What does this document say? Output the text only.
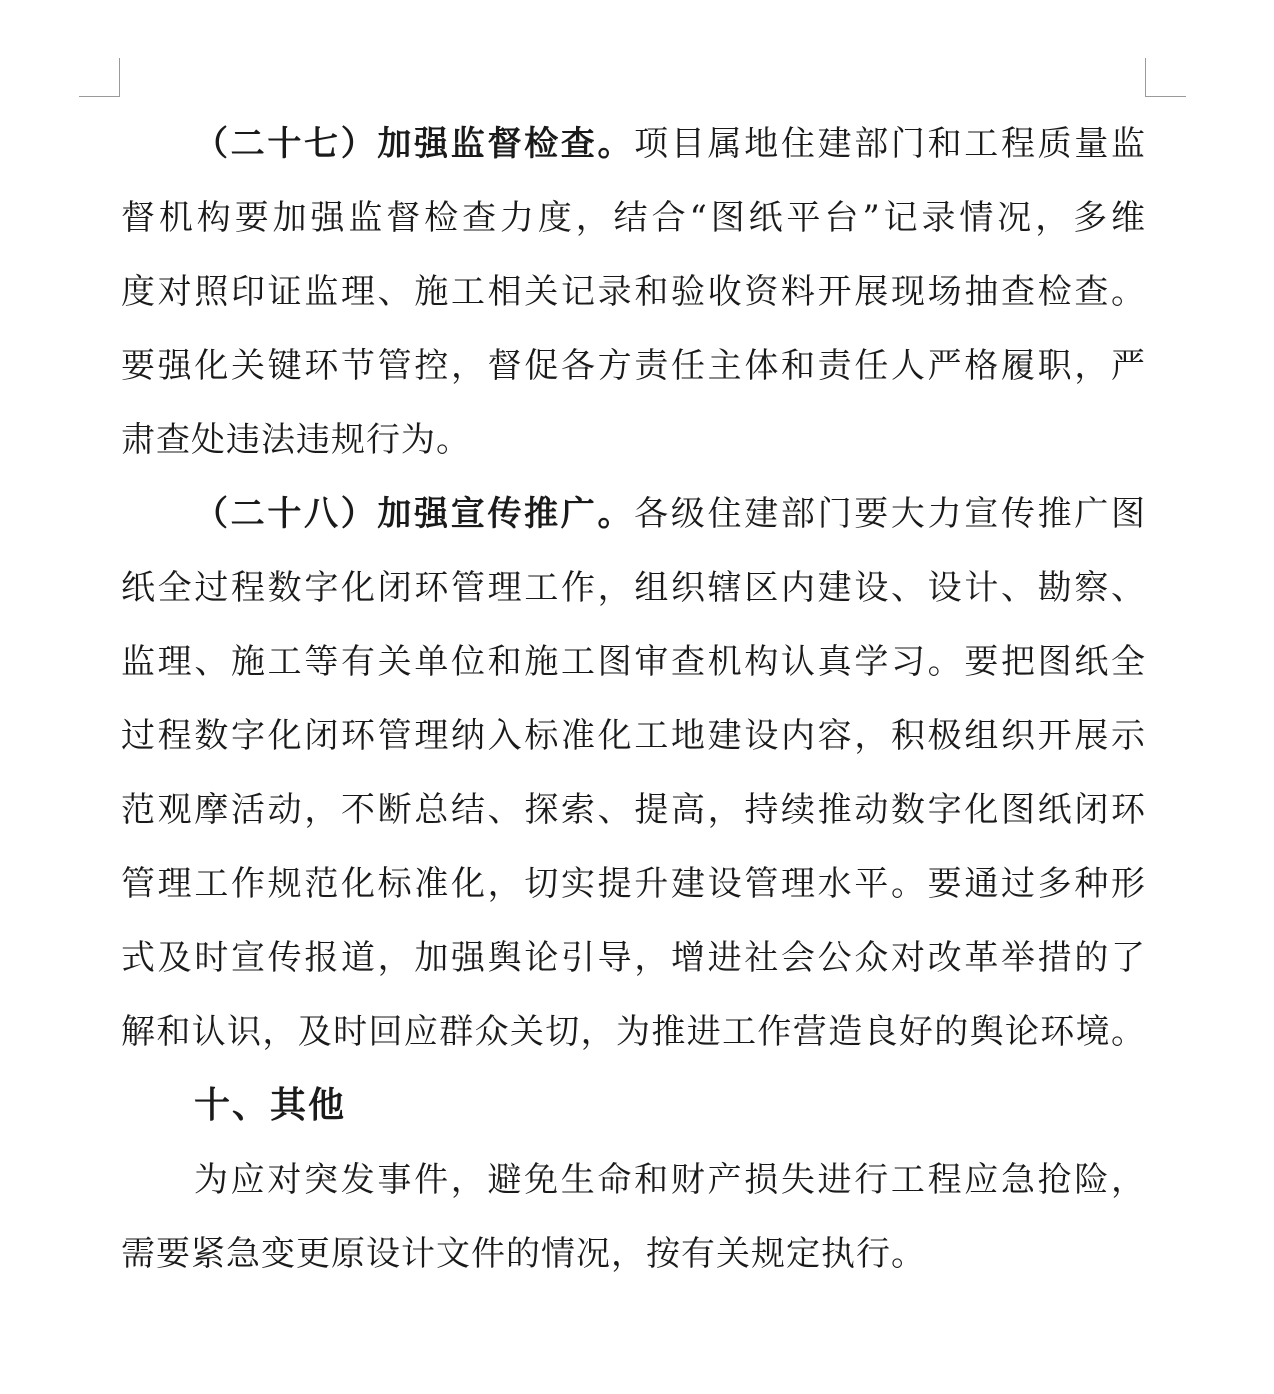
（二十七）加强监督检查。项目属地住建部门和工程质量监
督机构要加强监督检查力度，结合“图纸平台”记录情况，多维
度对照印证监理、施工相关记录和验收资料开展现场抽查检查。
要强化关键环节管控，督促各方责任主体和责任人严格履职，严
肃查处违法违规行为。
（二十八）加强宣传推广。各级住建部门要大力宣传推广图
纸全过程数字化闭环管理工作，组织辖区内建设、设计、勘察、
监理、施工等有关单位和施工图审查机构认真学习。要把图纸全
过程数字化闭环管理纳入标准化工地建设内容，积极组织开展示
范观摩活动，不断总结、探索、提高，持续推动数字化图纸闭环
管理工作规范化标准化，切实提升建设管理水平。要通过多种形
式及时宣传报道，加强舆论引导，增进社会公众对改革举措的了
解和认识，及时回应群众关切，为推进工作营造良好的舆论环境。
十、其他
为应对突发事件，避免生命和财产损失进行工程应急抢险，
需要紧急变更原设计文件的情况，按有关规定执行。
